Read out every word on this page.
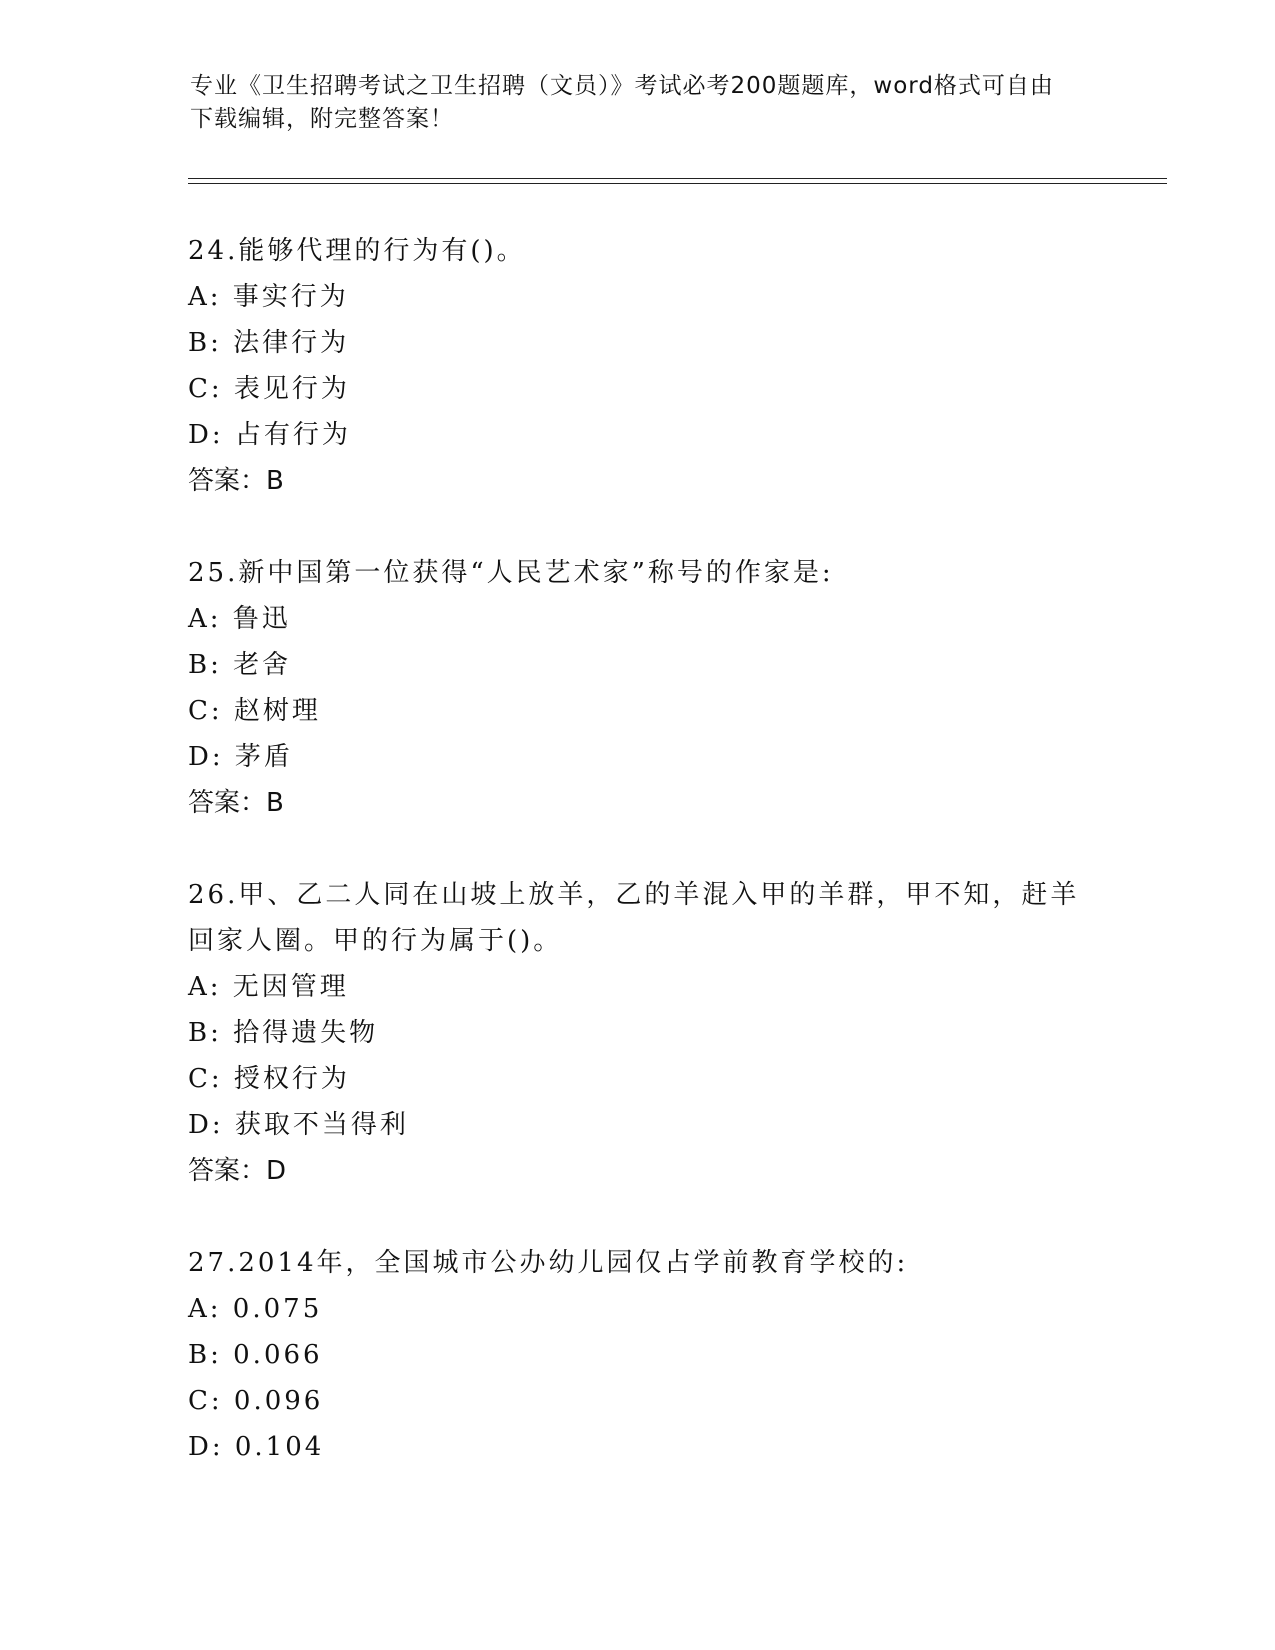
专业《卫生招聘考试之卫生招聘（文员）》考试必考200题题库，word格式可自由下载编辑，附完整答案！
24.能够代理的行为有()。
A: 事实行为
B: 法律行为
C: 表见行为
D: 占有行为
答案：B
25.新中国第一位获得“人民艺术家”称号的作家是:
A: 鲁迅
B: 老舍
C: 赵树理
D: 茅盾
答案：B
26.甲、乙二人同在山坡上放羊，乙的羊混入甲的羊群，甲不知，赶羊回家人圈。甲的行为属于()。
A: 无因管理
B: 拾得遗失物
C: 授权行为
D: 获取不当得利
答案：D
27.2014年，全国城市公办幼儿园仅占学前教育学校的:
A: 0.075
B: 0.066
C: 0.096
D: 0.104
